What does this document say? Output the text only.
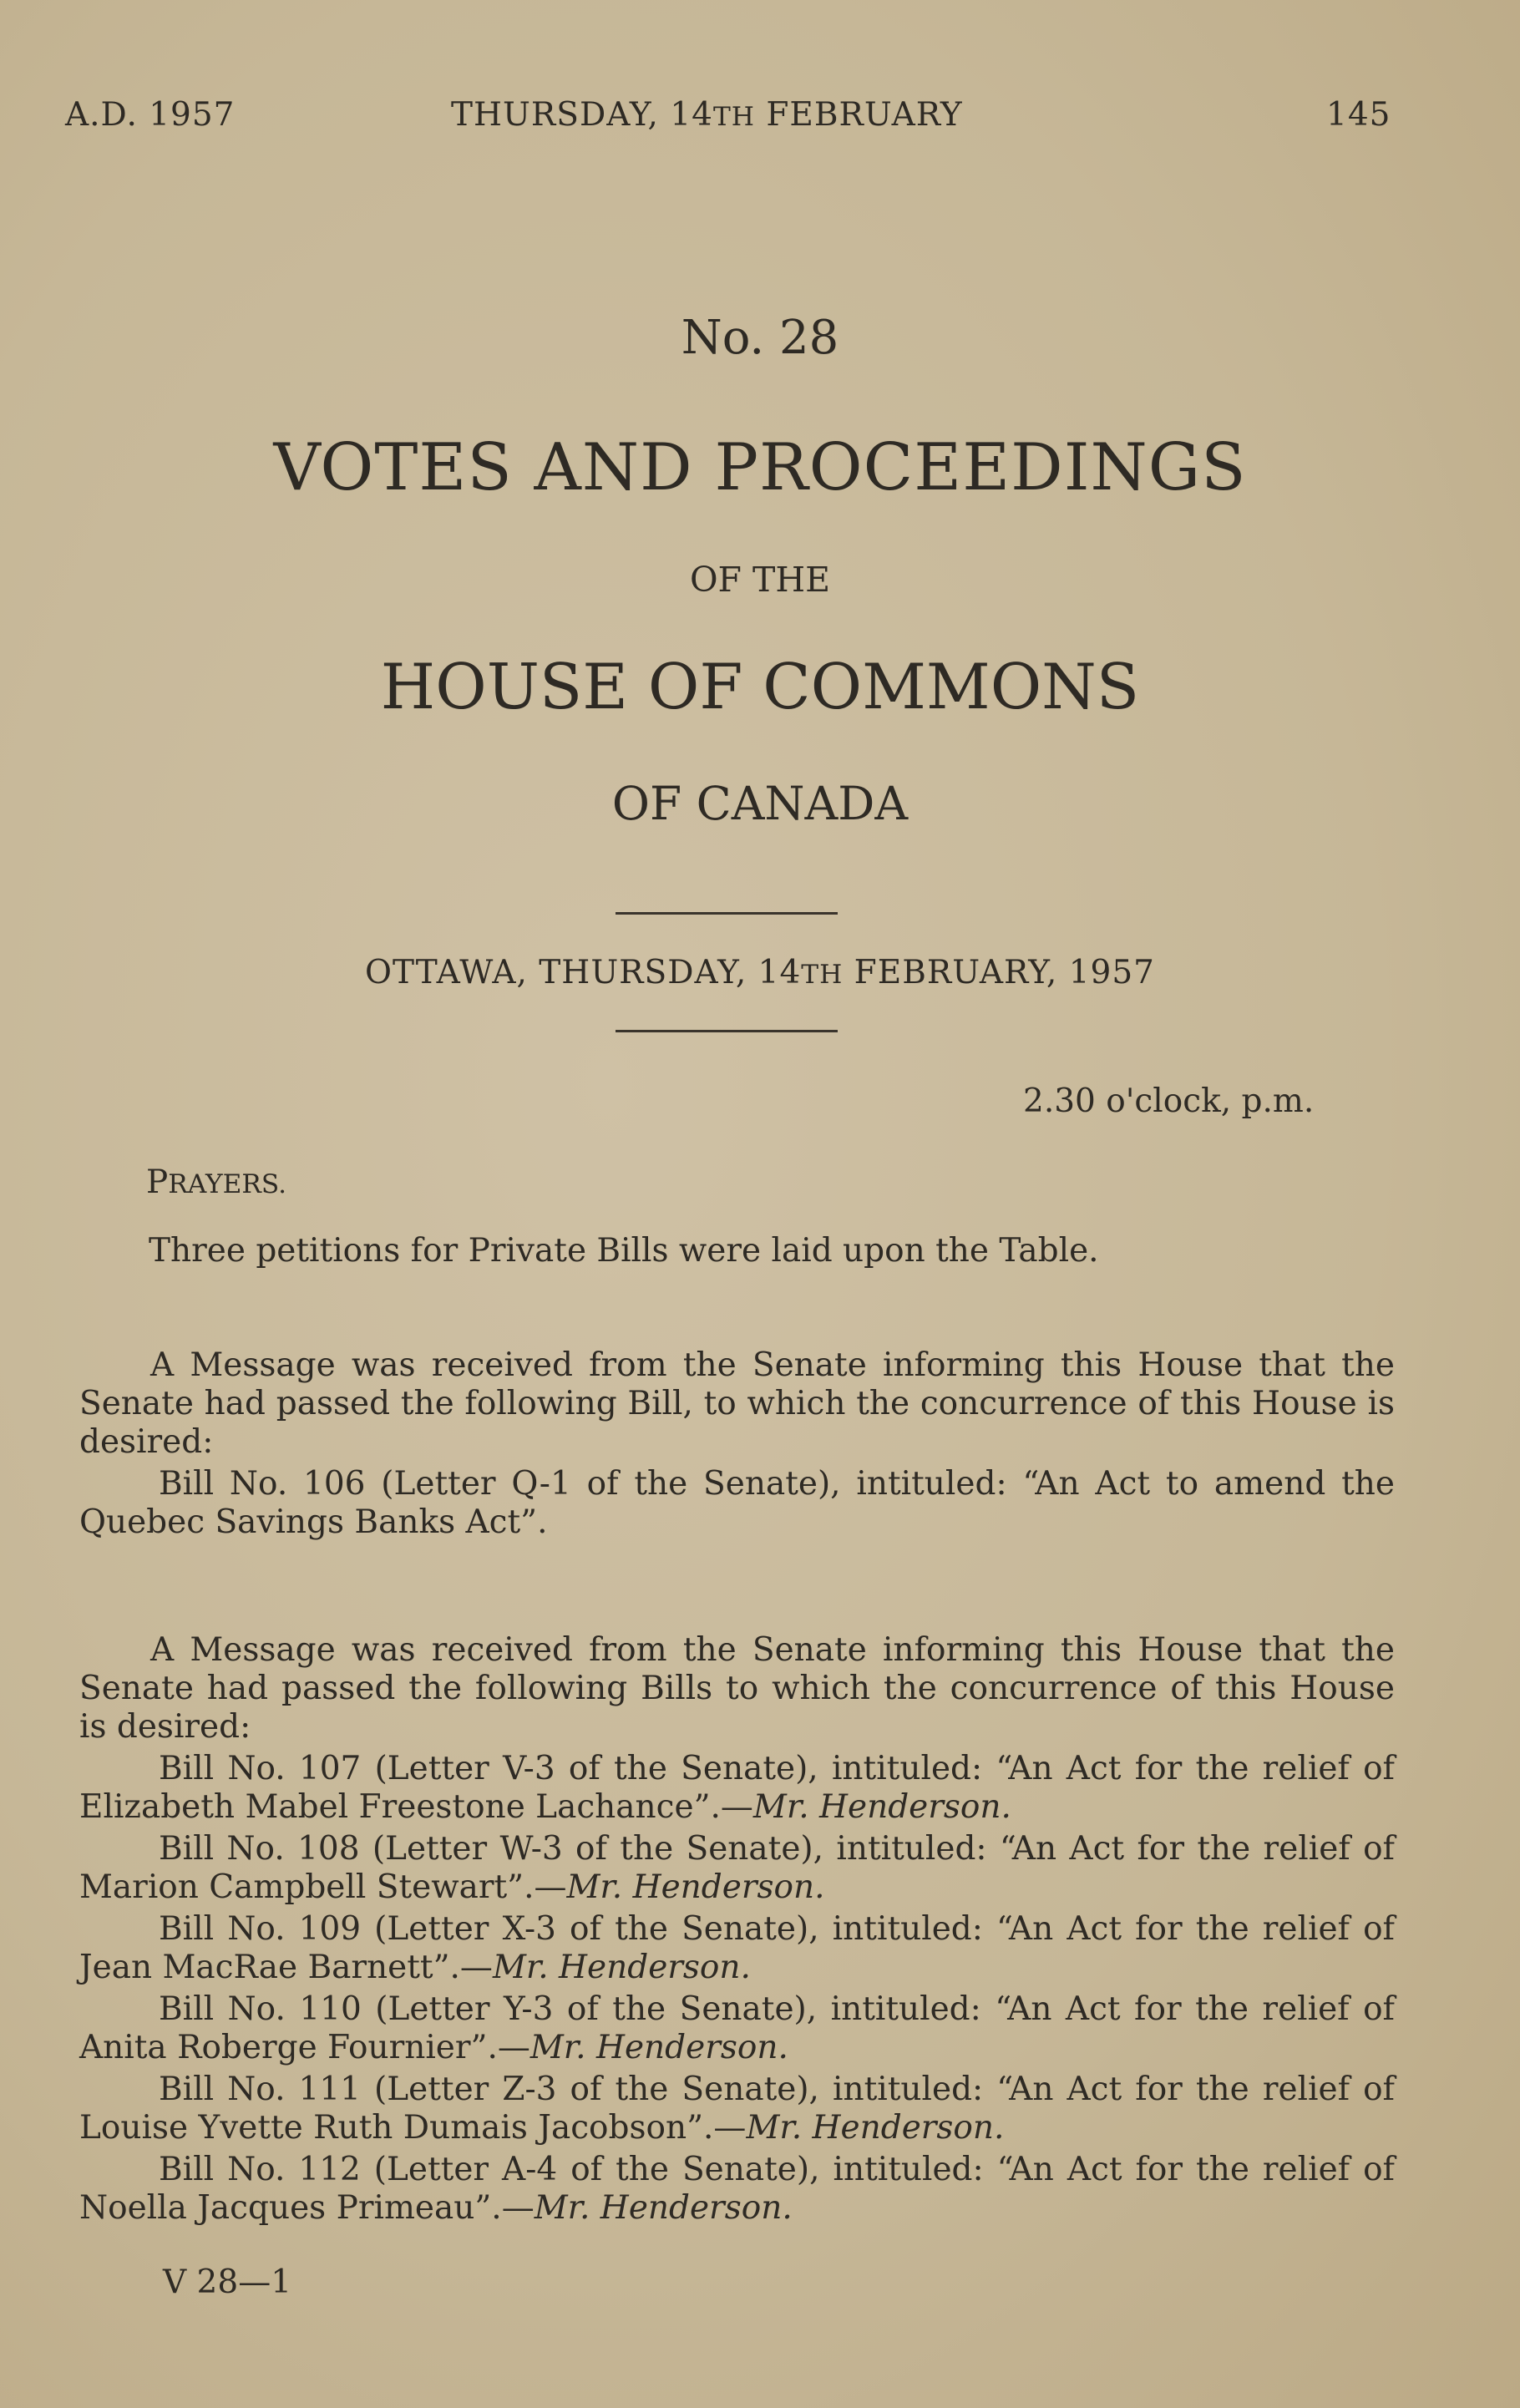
A.D. 1957	THURSDAY, 14TH FEBRUARY	145
No. 28
VOTES AND PROCEEDINGS
OF THE
HOUSE OF COMMONS
OF CANADA
OTTAWA, THURSDAY, 14TH FEBRUARY, 1957
2.30 o'clock, p.m.
PRAYERS.
Three petitions for Private Bills were laid upon the Table.

A Message was received from the Senate informing this House that the Senate had passed the following Bill, to which the concurrence of this House is desired:

Bill No. 106 (Letter Q-1 of the Senate), intituled: “An Act to amend the Quebec Savings Banks Act”.

A Message was received from the Senate informing this House that the Senate had passed the following Bills to which the concurrence of this House is desired:

Bill No. 107 (Letter V-3 of the Senate), intituled: “An Act for the relief of Elizabeth Mabel Freestone Lachance”.—Mr. Henderson.

Bill No. 108 (Letter W-3 of the Senate), intituled: “An Act for the relief of Marion Campbell Stewart”.—Mr. Henderson.

Bill No. 109 (Letter X-3 of the Senate), intituled: “An Act for the relief of Jean MacRae Barnett”.—Mr. Henderson.

Bill No. 110 (Letter Y-3 of the Senate), intituled: “An Act for the relief of Anita Roberge Fournier”.—Mr. Henderson.

Bill No. 111 (Letter Z-3 of the Senate), intituled: “An Act for the relief of Louise Yvette Ruth Dumais Jacobson”.—Mr. Henderson.

Bill No. 112 (Letter A-4 of the Senate), intituled: “An Act for the relief of Noella Jacques Primeau”.—Mr. Henderson.

V 28—1
